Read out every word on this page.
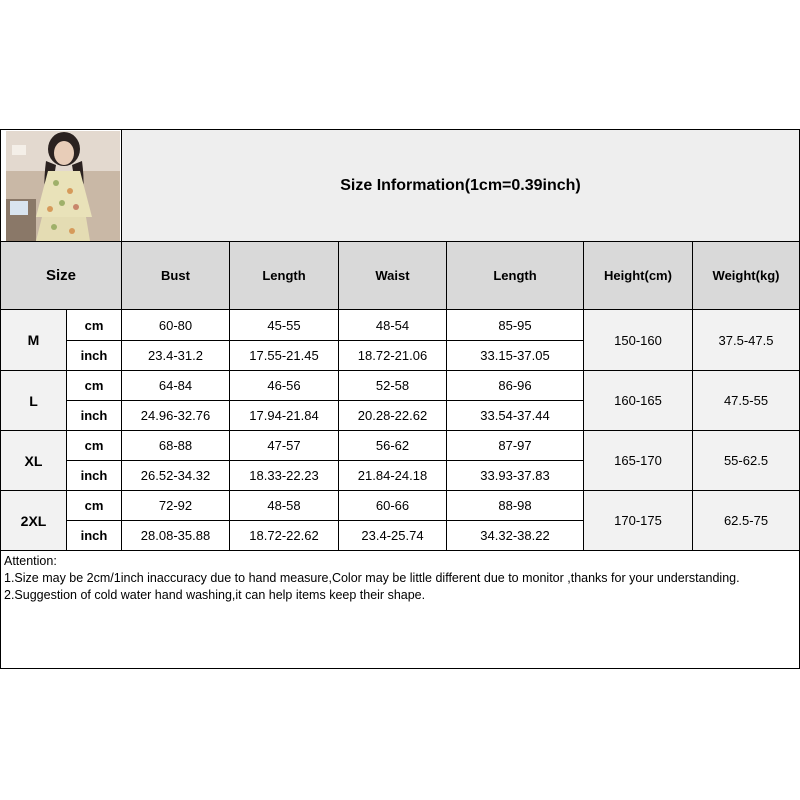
	Size Information(1cm=0.39inch)					
Size		Bust	Length	Waist	Length	Height(cm)	Weight(kg)
M	cm	60-80	45-55	48-54	85-95	150-160	37.5-47.5
	inch	23.4-31.2	17.55-21.45	18.72-21.06	33.15-37.05		
L	cm	64-84	46-56	52-58	86-96	160-165	47.5-55
	inch	24.96-32.76	17.94-21.84	20.28-22.62	33.54-37.44		
XL	cm	68-88	47-57	56-62	87-97	165-170	55-62.5
	inch	26.52-34.32	18.33-22.23	21.84-24.18	33.93-37.83		
2XL	cm	72-92	48-58	60-66	88-98	170-175	62.5-75
	inch	28.08-35.88	18.72-22.62	23.4-25.74	34.32-38.22		

Attention:
1.Size may be 2cm/1inch inaccuracy due to hand measure,Color may be little different due to monitor ,thanks for your understanding.
2.Suggestion of cold water hand washing,it can help items keep their shape.							
